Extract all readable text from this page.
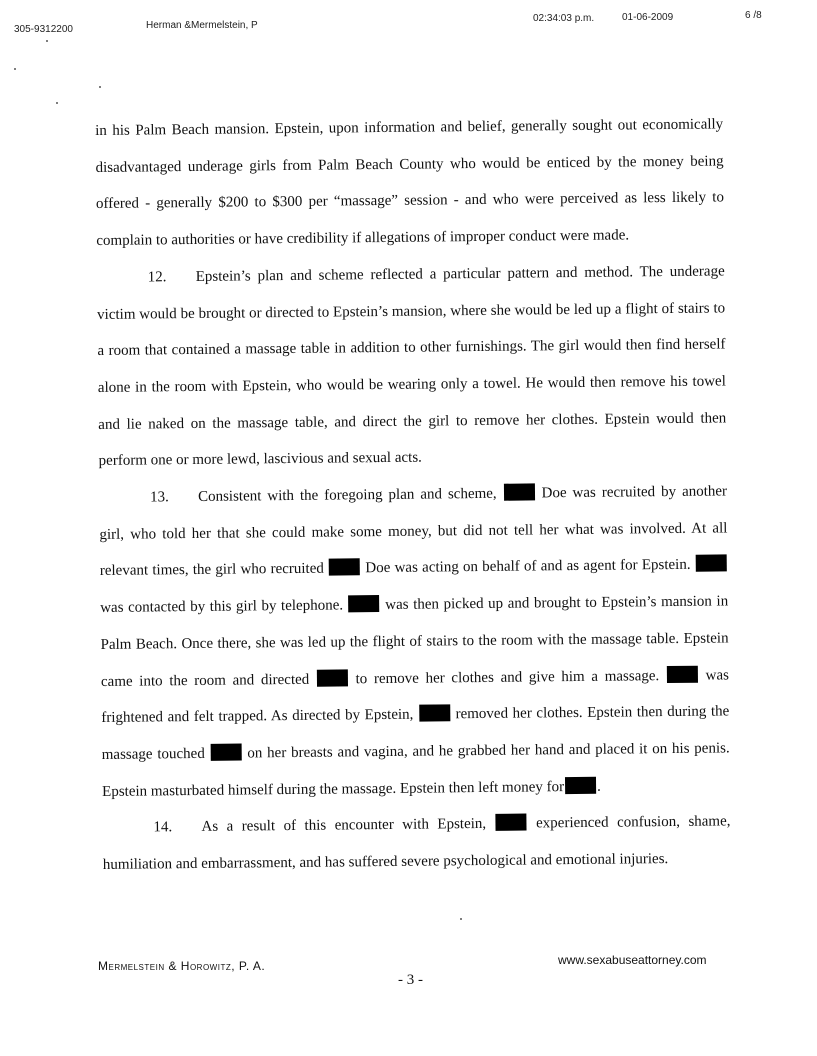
305-9312200	Herman &Mermelstein, P
02:34:03 p.m.	01-06-2009	6 /8

in his Palm Beach mansion. Epstein, upon information and belief, generally sought out economically disadvantaged underage girls from Palm Beach County who would be enticed by the money being offered - generally $200 to $300 per “massage” session - and who were perceived as less likely to complain to authorities or have credibility if allegations of improper conduct were made.

12. Epstein’s plan and scheme reflected a particular pattern and method. The underage victim would be brought or directed to Epstein’s mansion, where she would be led up a flight of stairs to a room that contained a massage table in addition to other furnishings. The girl would then find herself alone in the room with Epstein, who would be wearing only a towel. He would then remove his towel and lie naked on the massage table, and direct the girl to remove her clothes. Epstein would then perform one or more lewd, lascivious and sexual acts.

13. Consistent with the foregoing plan and scheme,	Doe was recruited by another girl, who told her that she could make some money, but did not tell her what was involved. At all relevant times, the girl who recruited	Doe was acting on behalf of and as agent for Epstein.  was contacted by this girl by telephone.	was then picked up and brought to Epstein’s mansion in Palm Beach. Once there, she was led up the flight of stairs to the room with the massage table. Epstein came into the room and directed	to remove her clothes and give him a massage.	was frightened and felt trapped. As directed by Epstein,	removed her clothes. Epstein then during the massage touched	on her breasts and vagina, and he grabbed her hand and placed it on his penis. Epstein masturbated himself during the massage. Epstein then left money for .

14. As a result of this encounter with Epstein,	experienced confusion, shame, humiliation and embarrassment, and has suffered severe psychological and emotional injuries.

Mermelstein & Horowitz, P. A.	www.sexabuseattorney.com
- 3 -
